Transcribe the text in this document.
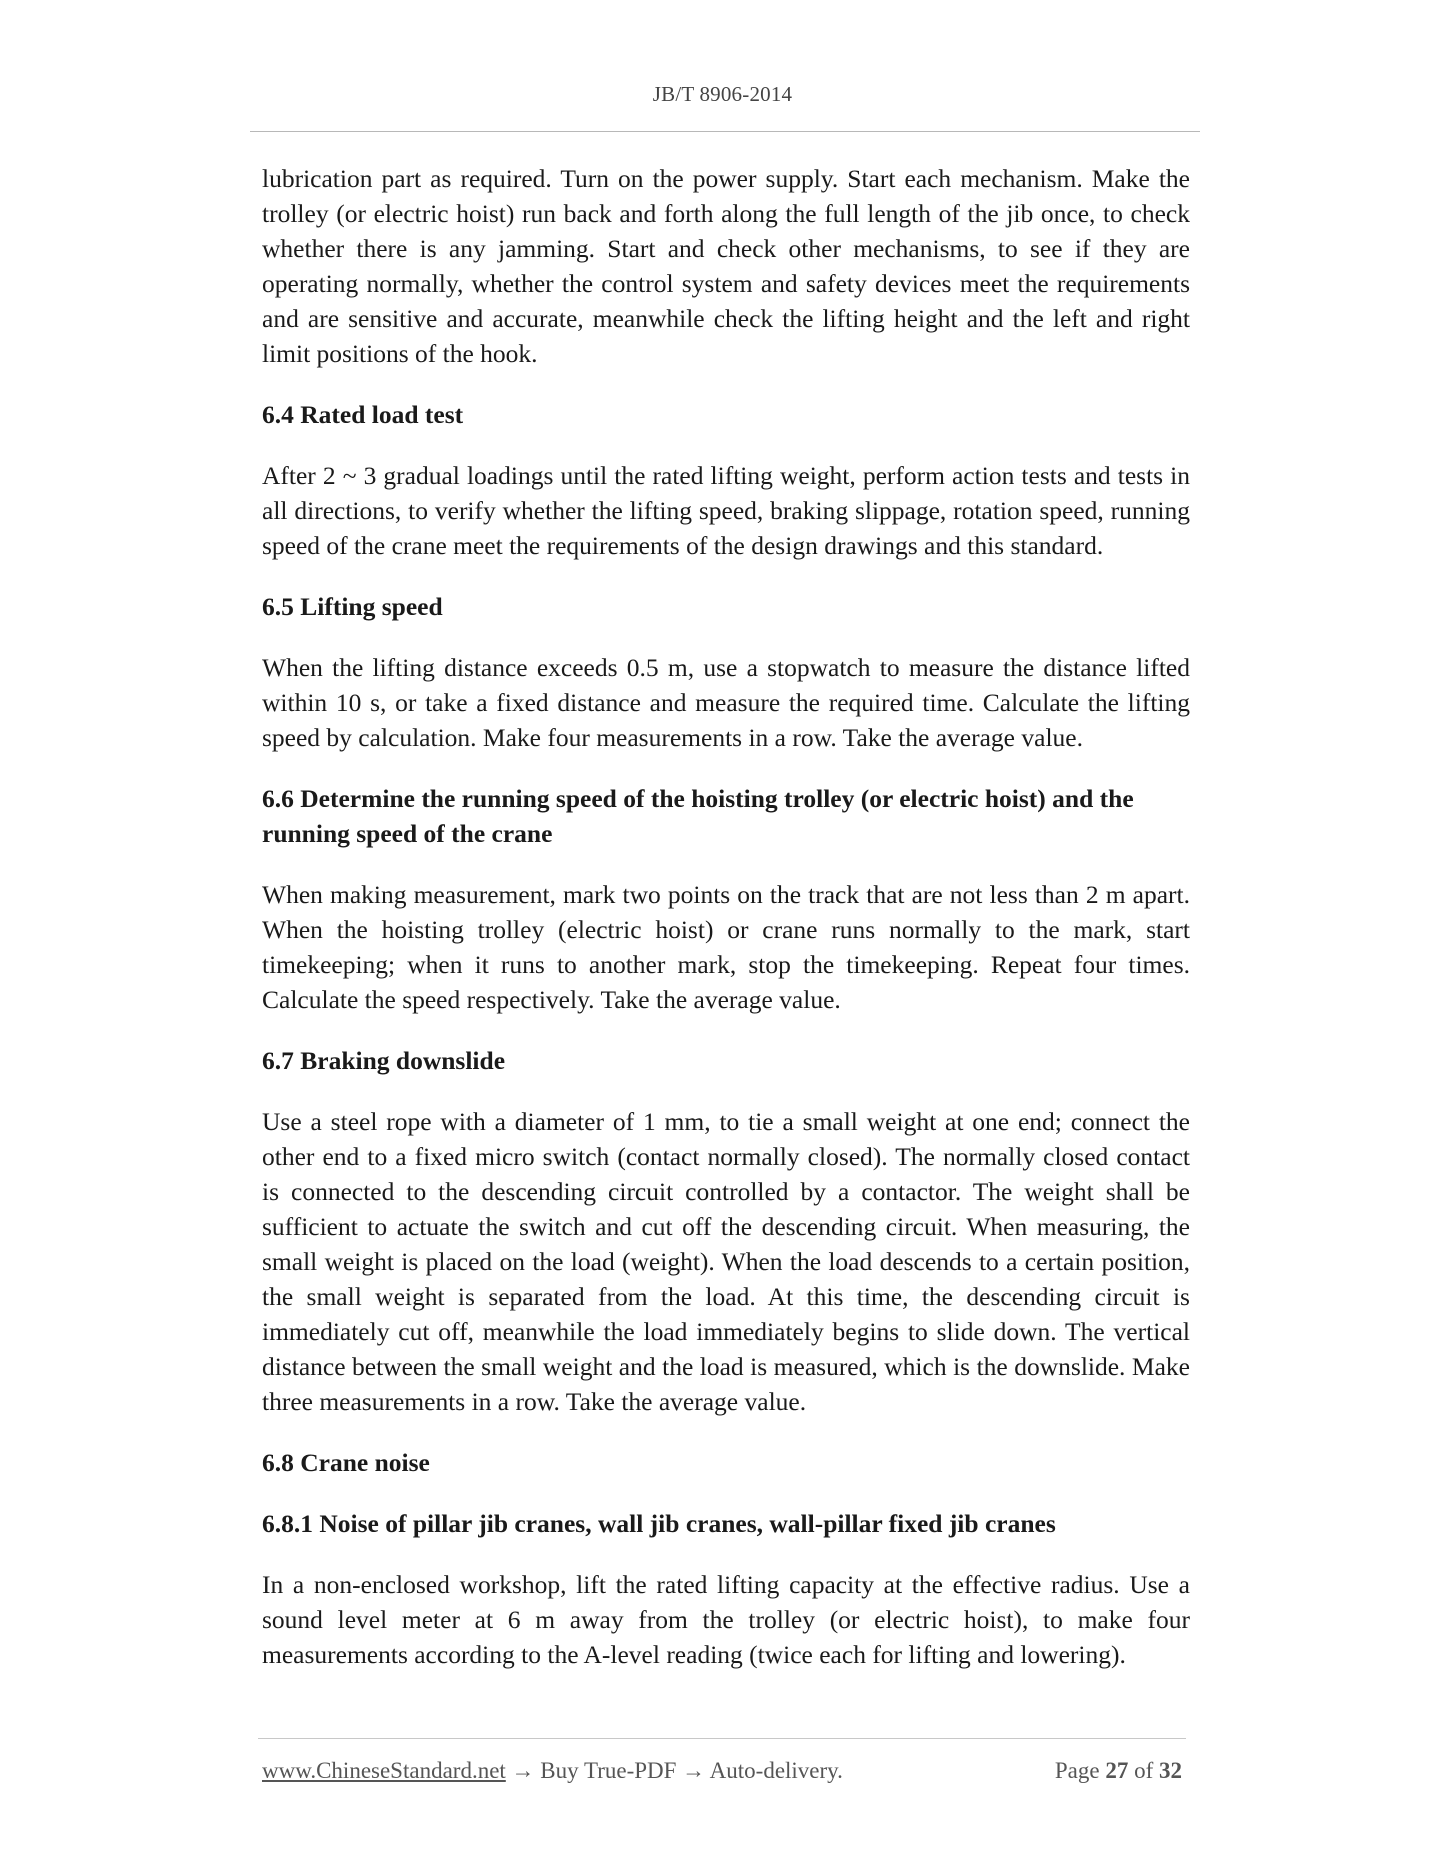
JB/T 8906-2014

lubrication part as required. Turn on the power supply. Start each mechanism. Make the trolley (or electric hoist) run back and forth along the full length of the jib once, to check whether there is any jamming. Start and check other mechanisms, to see if they are operating normally, whether the control system and safety devices meet the requirements and are sensitive and accurate, meanwhile check the lifting height and the left and right limit positions of the hook.

6.4 Rated load test

After 2 ~ 3 gradual loadings until the rated lifting weight, perform action tests and tests in all directions, to verify whether the lifting speed, braking slippage, rotation speed, running speed of the crane meet the requirements of the design drawings and this standard.

6.5 Lifting speed

When the lifting distance exceeds 0.5 m, use a stopwatch to measure the distance lifted within 10 s, or take a fixed distance and measure the required time. Calculate the lifting speed by calculation. Make four measurements in a row. Take the average value.

6.6 Determine the running speed of the hoisting trolley (or electric hoist) and the running speed of the crane

When making measurement, mark two points on the track that are not less than 2 m apart. When the hoisting trolley (electric hoist) or crane runs normally to the mark, start timekeeping; when it runs to another mark, stop the timekeeping. Repeat four times. Calculate the speed respectively. Take the average value.

6.7 Braking downslide

Use a steel rope with a diameter of 1 mm, to tie a small weight at one end; connect the other end to a fixed micro switch (contact normally closed). The normally closed contact is connected to the descending circuit controlled by a contactor. The weight shall be sufficient to actuate the switch and cut off the descending circuit. When measuring, the small weight is placed on the load (weight). When the load descends to a certain position, the small weight is separated from the load. At this time, the descending circuit is immediately cut off, meanwhile the load immediately begins to slide down. The vertical distance between the small weight and the load is measured, which is the downslide. Make three measurements in a row. Take the average value.

6.8 Crane noise
6.8.1 Noise of pillar jib cranes, wall jib cranes, wall-pillar fixed jib cranes

In a non-enclosed workshop, lift the rated lifting capacity at the effective radius. Use a sound level meter at 6 m away from the trolley (or electric hoist), to make four measurements according to the A-level reading (twice each for lifting and lowering).

www.ChineseStandard.net → Buy True-PDF → Auto-delivery.	Page 27 of 32
